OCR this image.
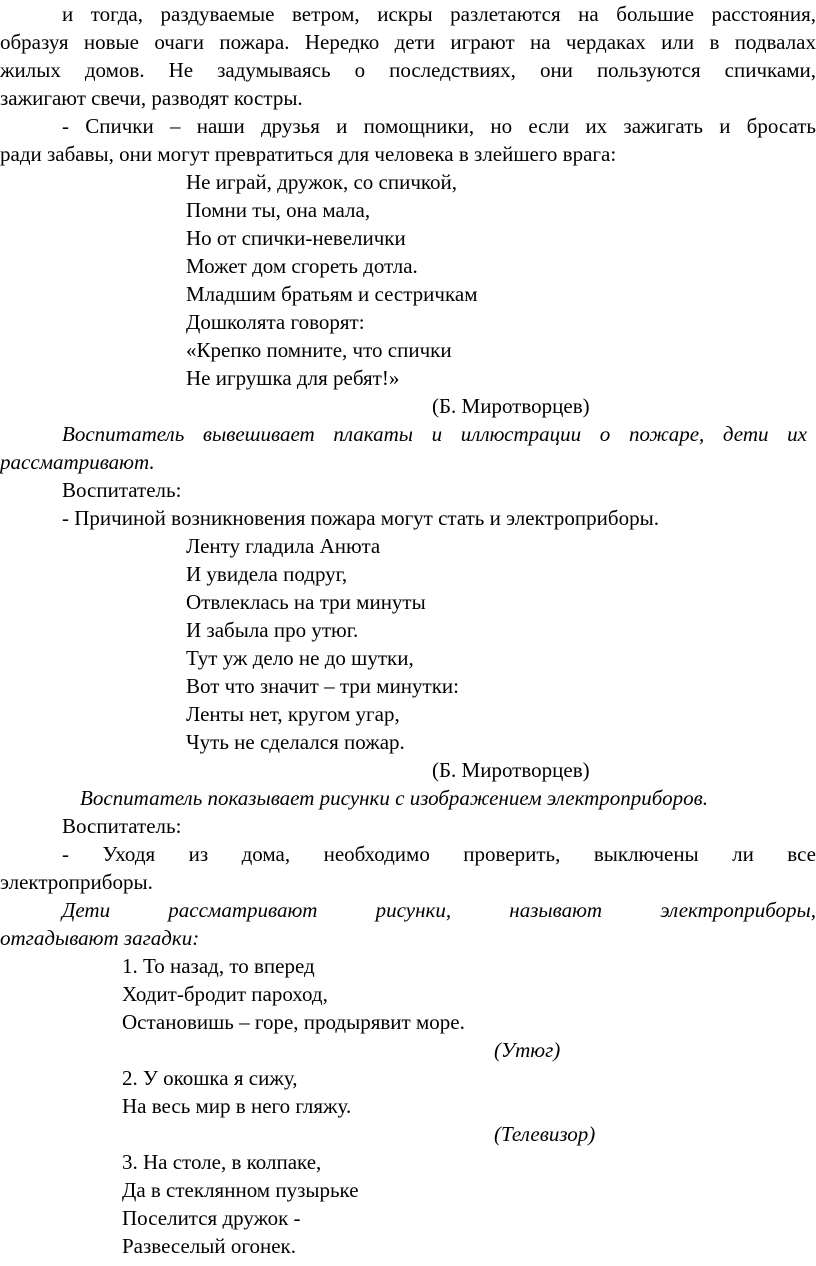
и тогда, раздуваемые ветром, искры разлетаются на большие расстояния,
образуя новые очаги пожара. Нередко дети играют на чердаках или в подвалах
жилых домов. Не задумываясь о последствиях, они пользуются спичками,
зажигают свечи, разводят костры.
- Спички – наши друзья и помощники, но если их зажигать и бросать
ради забавы, они могут превратиться для человека в злейшего врага:
Не играй, дружок, со спичкой,
Помни ты, она мала,
Но от спички-невелички
Может дом сгореть дотла.
Младшим братьям и сестричкам
Дошколята говорят:
«Крепко помните, что спички
Не игрушка для ребят!»
(Б. Миротворцев)
Воспитатель вывешивает плакаты и иллюстрации о пожаре, дети их
рассматривают.
Воспитатель:
- Причиной возникновения пожара могут стать и электроприборы.
Ленту гладила Анюта
И увидела подруг,
Отвлеклась на три минуты
И забыла про утюг.
Тут уж дело не до шутки,
Вот что значит – три минутки:
Ленты нет, кругом угар,
Чуть не сделался пожар.
(Б. Миротворцев)
Воспитатель показывает рисунки с изображением электроприборов.
Воспитатель:
- Уходя из дома, необходимо проверить, выключены ли все
электроприборы.
Дети рассматривают рисунки, называют электроприборы,
отгадывают загадки:
1. То назад, то вперед
Ходит-бродит пароход,
Остановишь – горе, продырявит море.
(Утюг)
2. У окошка я сижу,
На весь мир в него гляжу.
(Телевизор)
3. На столе, в колпаке,
Да в стеклянном пузырьке
Поселится дружок -
Развеселый огонек.
